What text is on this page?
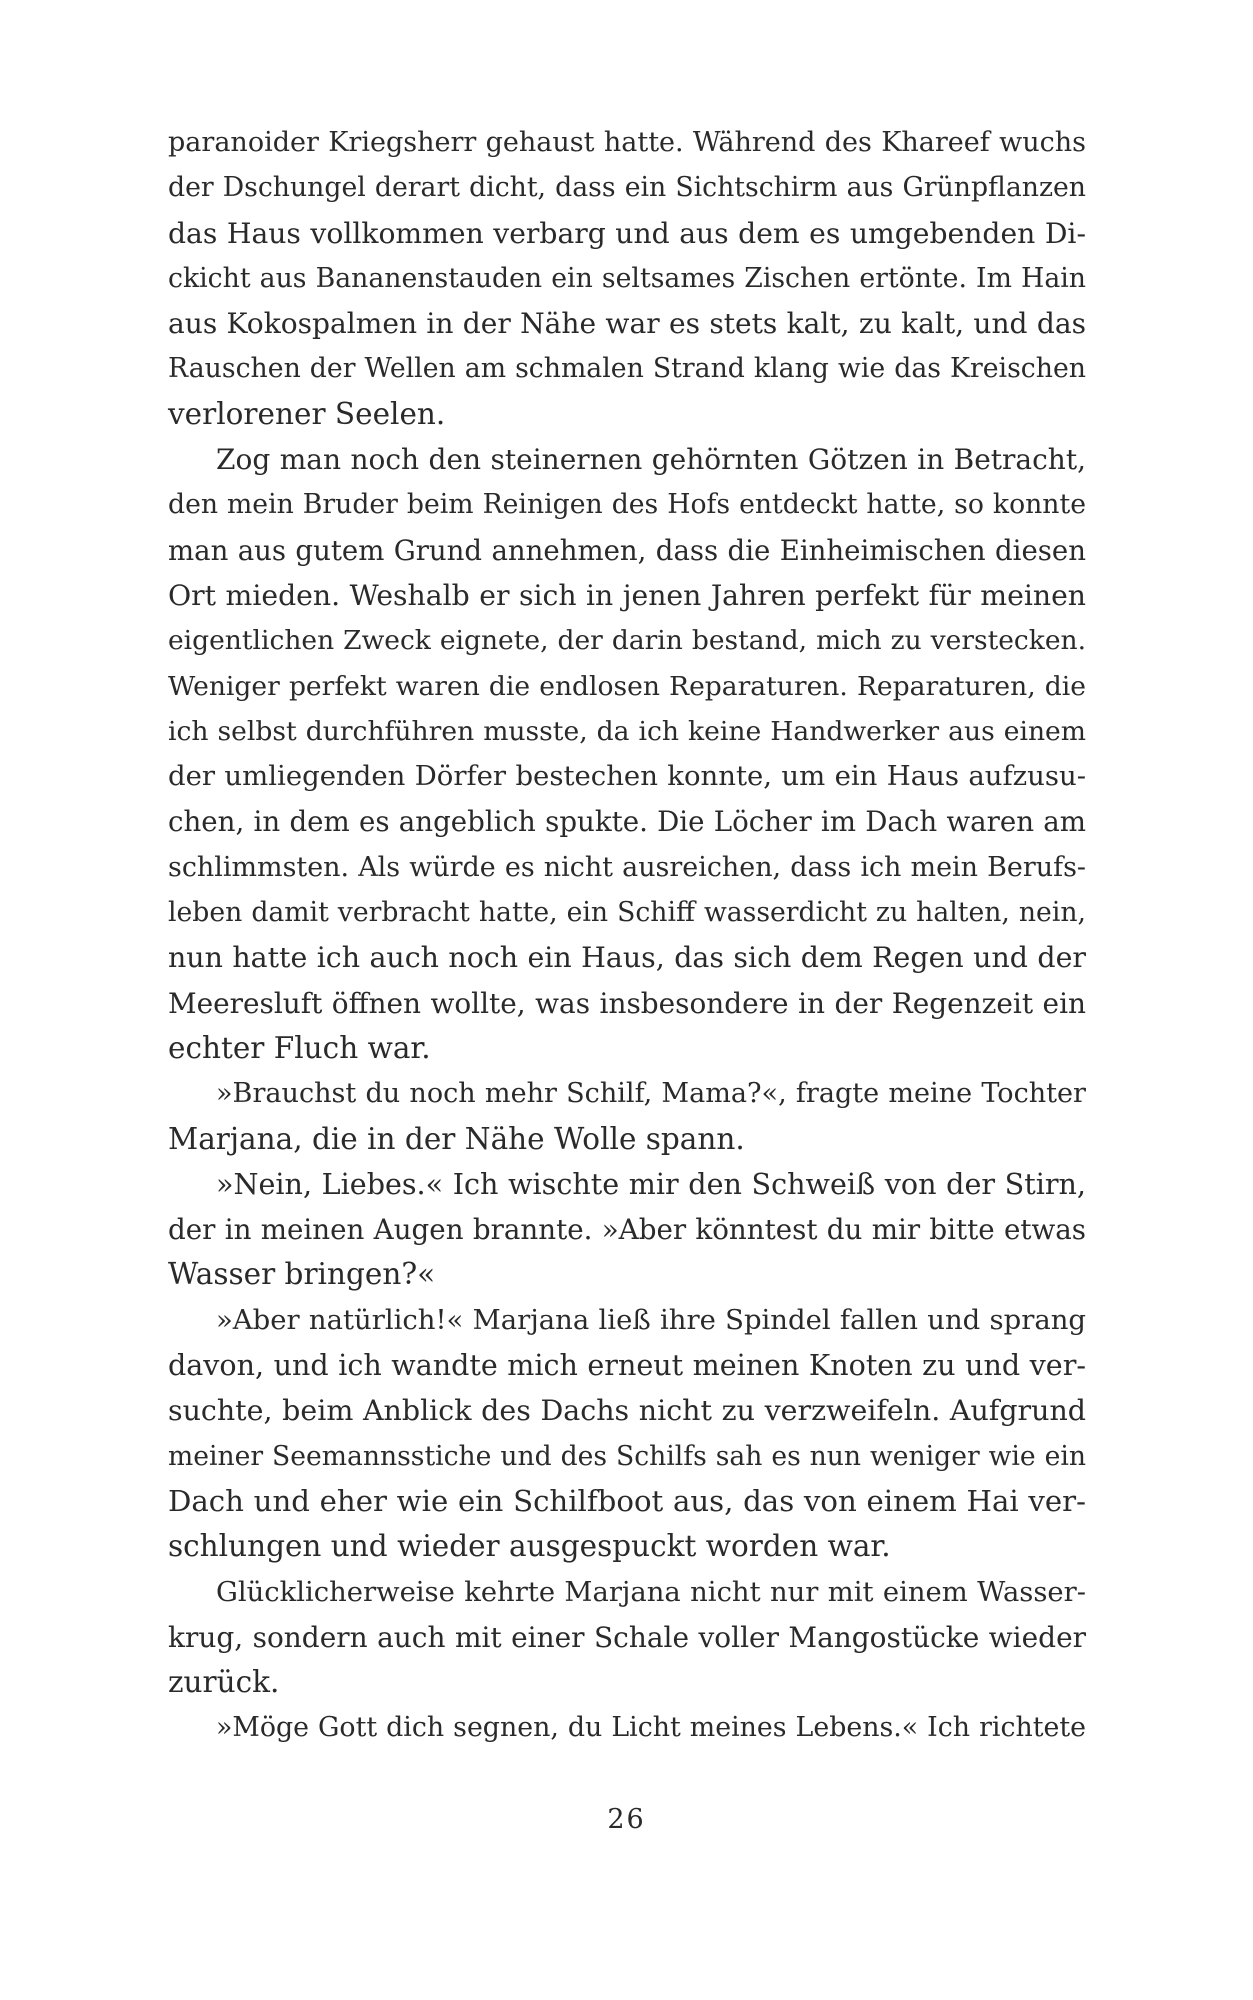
paranoider Kriegsherr gehaust hatte. Während des Khareef wuchs
der Dschungel derart dicht, dass ein Sichtschirm aus Grünpflanzen
das Haus vollkommen verbarg und aus dem es umgebenden Di-
ckicht aus Bananenstauden ein seltsames Zischen ertönte. Im Hain
aus Kokospalmen in der Nähe war es stets kalt, zu kalt, und das
Rauschen der Wellen am schmalen Strand klang wie das Kreischen
verlorener Seelen.
Zog man noch den steinernen gehörnten Götzen in Betracht,
den mein Bruder beim Reinigen des Hofs entdeckt hatte, so konnte
man aus gutem Grund annehmen, dass die Einheimischen diesen
Ort mieden. Weshalb er sich in jenen Jahren perfekt für meinen
eigentlichen Zweck eignete, der darin bestand, mich zu verstecken.
Weniger perfekt waren die endlosen Reparaturen. Reparaturen, die
ich selbst durchführen musste, da ich keine Handwerker aus einem
der umliegenden Dörfer bestechen konnte, um ein Haus aufzusu-
chen, in dem es angeblich spukte. Die Löcher im Dach waren am
schlimmsten. Als würde es nicht ausreichen, dass ich mein Berufs-
leben damit verbracht hatte, ein Schiff wasserdicht zu halten, nein,
nun hatte ich auch noch ein Haus, das sich dem Regen und der
Meeresluft öffnen wollte, was insbesondere in der Regenzeit ein
echter Fluch war.
»Brauchst du noch mehr Schilf, Mama?«, fragte meine Tochter
Marjana, die in der Nähe Wolle spann.
»Nein, Liebes.« Ich wischte mir den Schweiß von der Stirn,
der in meinen Augen brannte. »Aber könntest du mir bitte etwas
Wasser bringen?«
»Aber natürlich!« Marjana ließ ihre Spindel fallen und sprang
davon, und ich wandte mich erneut meinen Knoten zu und ver-
suchte, beim Anblick des Dachs nicht zu verzweifeln. Aufgrund
meiner Seemannsstiche und des Schilfs sah es nun weniger wie ein
Dach und eher wie ein Schilfboot aus, das von einem Hai ver-
schlungen und wieder ausgespuckt worden war.
Glücklicherweise kehrte Marjana nicht nur mit einem Wasser-
krug, sondern auch mit einer Schale voller Mangostücke wieder
zurück.
»Möge Gott dich segnen, du Licht meines Lebens.« Ich richtete
26
